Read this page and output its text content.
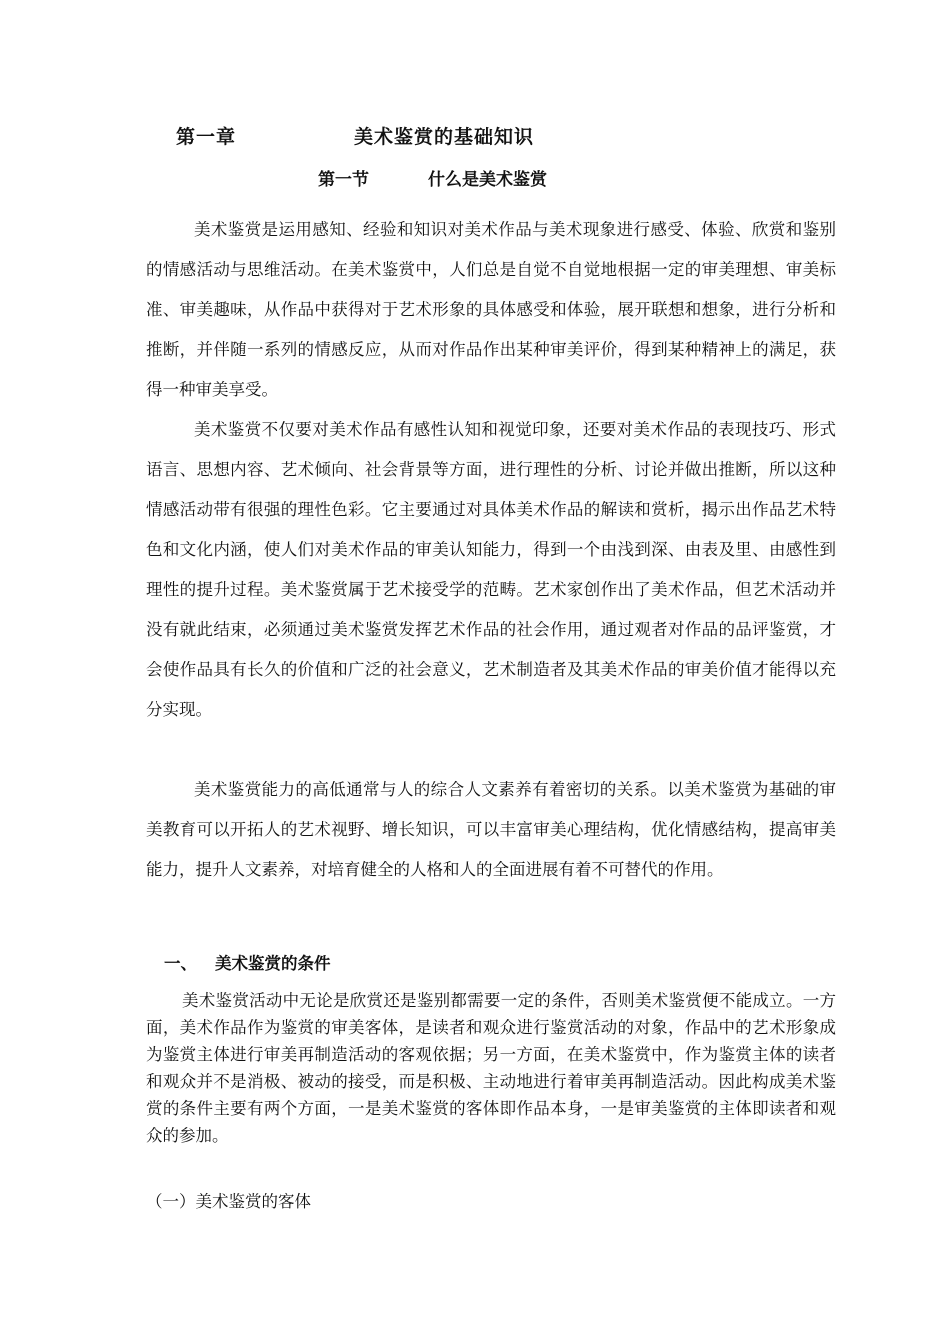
第一章	美术鉴赏的基础知识
第一节	什么是美术鉴赏

美术鉴赏是运用感知、经验和知识对美术作品与美术现象进行感受、体验、欣赏和鉴别的情感活动与思维活动。在美术鉴赏中，人们总是自觉不自觉地根据一定的审美理想、审美标准、审美趣味，从作品中获得对于艺术形象的具体感受和体验，展开联想和想象，进行分析和推断，并伴随一系列的情感反应，从而对作品作出某种审美评价，得到某种精神上的满足，获得一种审美享受。

美术鉴赏不仅要对美术作品有感性认知和视觉印象，还要对美术作品的表现技巧、形式语言、思想内容、艺术倾向、社会背景等方面，进行理性的分析、讨论并做出推断，所以这种情感活动带有很强的理性色彩。它主要通过对具体美术作品的解读和赏析，揭示出作品艺术特色和文化内涵，使人们对美术作品的审美认知能力，得到一个由浅到深、由表及里、由感性到理性的提升过程。美术鉴赏属于艺术接受学的范畴。艺术家创作出了美术作品，但艺术活动并没有就此结束，必须通过美术鉴赏发挥艺术作品的社会作用，通过观者对作品的品评鉴赏，才会使作品具有长久的价值和广泛的社会意义，艺术制造者及其美术作品的审美价值才能得以充分实现。

美术鉴赏能力的高低通常与人的综合人文素养有着密切的关系。以美术鉴赏为基础的审美教育可以开拓人的艺术视野、增长知识，可以丰富审美心理结构，优化情感结构，提高审美能力，提升人文素养，对培育健全的人格和人的全面进展有着不可替代的作用。

一、 美术鉴赏的条件

美术鉴赏活动中无论是欣赏还是鉴别都需要一定的条件，否则美术鉴赏便不能成立。一方面，美术作品作为鉴赏的审美客体，是读者和观众进行鉴赏活动的对象，作品中的艺术形象成为鉴赏主体进行审美再制造活动的客观依据；另一方面，在美术鉴赏中，作为鉴赏主体的读者和观众并不是消极、被动的接受，而是积极、主动地进行着审美再制造活动。因此构成美术鉴赏的条件主要有两个方面，一是美术鉴赏的客体即作品本身，一是审美鉴赏的主体即读者和观众的参加。

（一）美术鉴赏的客体
